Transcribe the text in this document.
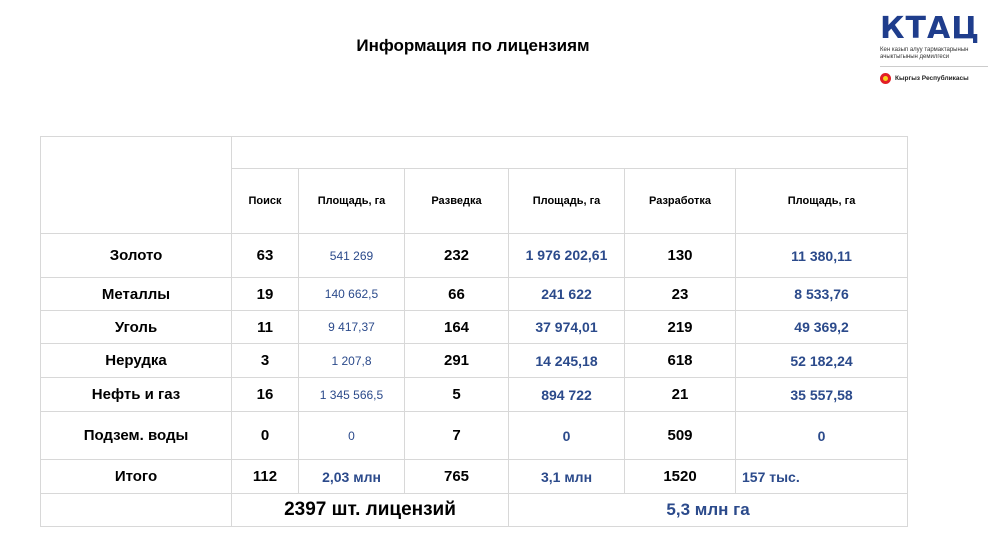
Информация по лицензиям	КТАЦ
Кен казып алуу тармактарынын ачыктыгынын демилгеси
Кыргыз Республикасы

	Поиск	Площадь, га	Разведка	Площадь, га	Разработка	Площадь, га
Золото	63	541 269	232	1 976 202,61	130	11 380,11
Металлы	19	140 662,5	66	241 622	23	8 533,76
Уголь	11	9 417,37	164	37 974,01	219	49 369,2
Нерудка	3	1 207,8	291	14 245,18	618	52 182,24
Нефть и газ	16	1 345 566,5	5	894 722	21	35 557,58
Подзем. воды	0	0	7	0	509	0
Итого	112	2,03 млн	765	3,1 млн	1520	157 тыс.
	2397 шт. лицензий			5,3 млн га		
